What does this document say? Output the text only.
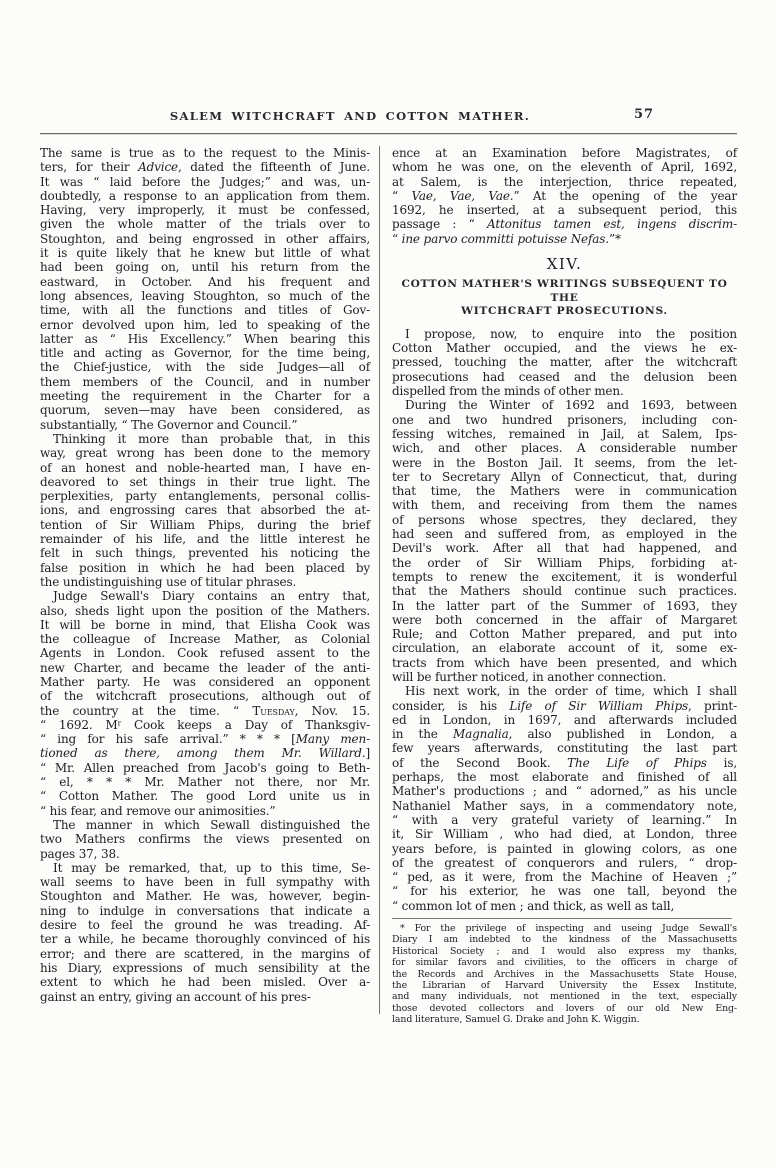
SALEM WITCHCRAFT AND COTTON MATHER.	57
The same is true as to the request to the Minis-
ters, for their Advice, dated the fifteenth of June.
It was “ laid before the Judges;” and was, un-
doubtedly, a response to an application from them.
Having, very improperly, it must be confessed,
given the whole matter of the trials over to
Stoughton, and being engrossed in other affairs,
it is quite likely that he knew but little of what
had been going on, until his return from the
eastward, in October. And his frequent and
long absences, leaving Stoughton, so much of the
time, with all the functions and titles of Gov-
ernor devolved upon him, led to speaking of the
latter as “ His Excellency.” When bearing this
title and acting as Governor, for the time being,
the Chief-justice, with the side Judges—all of
them members of the Council, and in number
meeting the requirement in the Charter for a
quorum, seven—may have been considered, as
substantially, “ The Governor and Council.”
Thinking it more than probable that, in this
way, great wrong has been done to the memory
of an honest and noble-hearted man, I have en-
deavored to set things in their true light. The
perplexities, party entanglements, personal collis-
ions, and engrossing cares that absorbed the at-
tention of Sir William Phips, during the brief
remainder of his life, and the little interest he
felt in such things, prevented his noticing the
false position in which he had been placed by
the undistinguishing use of titular phrases.
Judge Sewall's Diary contains an entry that,
also, sheds light upon the position of the Mathers.
It will be borne in mind, that Elisha Cook was
the colleague of Increase Mather, as Colonial
Agents in London. Cook refused assent to the
new Charter, and became the leader of the anti-
Mather party. He was considered an opponent
of the witchcraft prosecutions, although out of
the country at the time. “ Tuesday, Nov. 15.
“ 1692. $M^r$ Cook keeps a Day of Thanksgiv-
“ ing for his safe arrival.” * * * [Many men-
tioned as there, among them Mr. Willard.]
“ Mr. Allen preached from Jacob's going to Beth-
“ el, * * * Mr. Mather not there, nor Mr.
“ Cotton Mather. The good Lord unite us in
“ his fear, and remove our animosities.”
The manner in which Sewall distinguished the
two Mathers confirms the views presented on
pages 37, 38.
It may be remarked, that, up to this time, Se-
wall seems to have been in full sympathy with
Stoughton and Mather. He was, however, begin-
ning to indulge in conversations that indicate a
desire to feel the ground he was treading. Af-
ter a while, he became thoroughly convinced of his
error; and there are scattered, in the margins of
his Diary, expressions of much sensibility at the
extent to which he had been misled. Over a-
gainst an entry, giving an account of his pres-
ence at an Examination before Magistrates, of
whom he was one, on the eleventh of April, 1692,
at Salem, is the interjection, thrice repeated,
“ Vae, Vae, Vae.” At the opening of the year
1692, he inserted, at a subsequent period, this
passage : “ Attonitus tamen est, ingens discrim-
“ ine parvo committi potuisse Nefas.”*
XIV.
COTTON MATHER'S WRITINGS SUBSEQUENT TO THE
WITCHCRAFT PROSECUTIONS.
I propose, now, to enquire into the position
Cotton Mather occupied, and the views he ex-
pressed, touching the matter, after the witchcraft
prosecutions had ceased and the delusion been
dispelled from the minds of other men.
During the Winter of 1692 and 1693, between
one and two hundred prisoners, including con-
fessing witches, remained in Jail, at Salem, Ips-
wich, and other places. A considerable number
were in the Boston Jail. It seems, from the let-
ter to Secretary Allyn of Connecticut, that, during
that time, the Mathers were in communication
with them, and receiving from them the names
of persons whose spectres, they declared, they
had seen and suffered from, as employed in the
Devil's work. After all that had happened, and
the order of Sir William Phips, forbiding at-
tempts to renew the excitement, it is wonderful
that the Mathers should continue such practices.
In the latter part of the Summer of 1693, they
were both concerned in the affair of Margaret
Rule; and Cotton Mather prepared, and put into
circulation, an elaborate account of it, some ex-
tracts from which have been presented, and which
will be further noticed, in another connection.
His next work, in the order of time, which I shall
consider, is his Life of Sir William Phips, print-
ed in London, in 1697, and afterwards included
in the Magnalia, also published in London, a
few years afterwards, constituting the last part
of the Second Book. The Life of Phips is,
perhaps, the most elaborate and finished of all
Mather's productions ; and “ adorned,” as his uncle
Nathaniel Mather says, in a commendatory note,
“ with a very grateful variety of learning.” In
it, Sir William , who had died, at London, three
years before, is painted in glowing colors, as one
of the greatest of conquerors and rulers, “ drop-
“ ped, as it were, from the Machine of Heaven ;”
“ for his exterior, he was one tall, beyond the
“ common lot of men ; and thick, as well as tall,
* For the privilege of inspecting and useing Judge Sewall's
Diary I am indebted to the kindness of the Massachusetts
Historical Society ; and I would also express my thanks,
for similar favors and civilities, to the officers in charge of
the Records and Archives in the Massachusetts State House,
the Librarian of Harvard University the Essex Institute,
and many individuals, not mentioned in the text, especially
those devoted collectors and lovers of our old New Eng-
land literature, Samuel G. Drake and John K. Wiggin.
